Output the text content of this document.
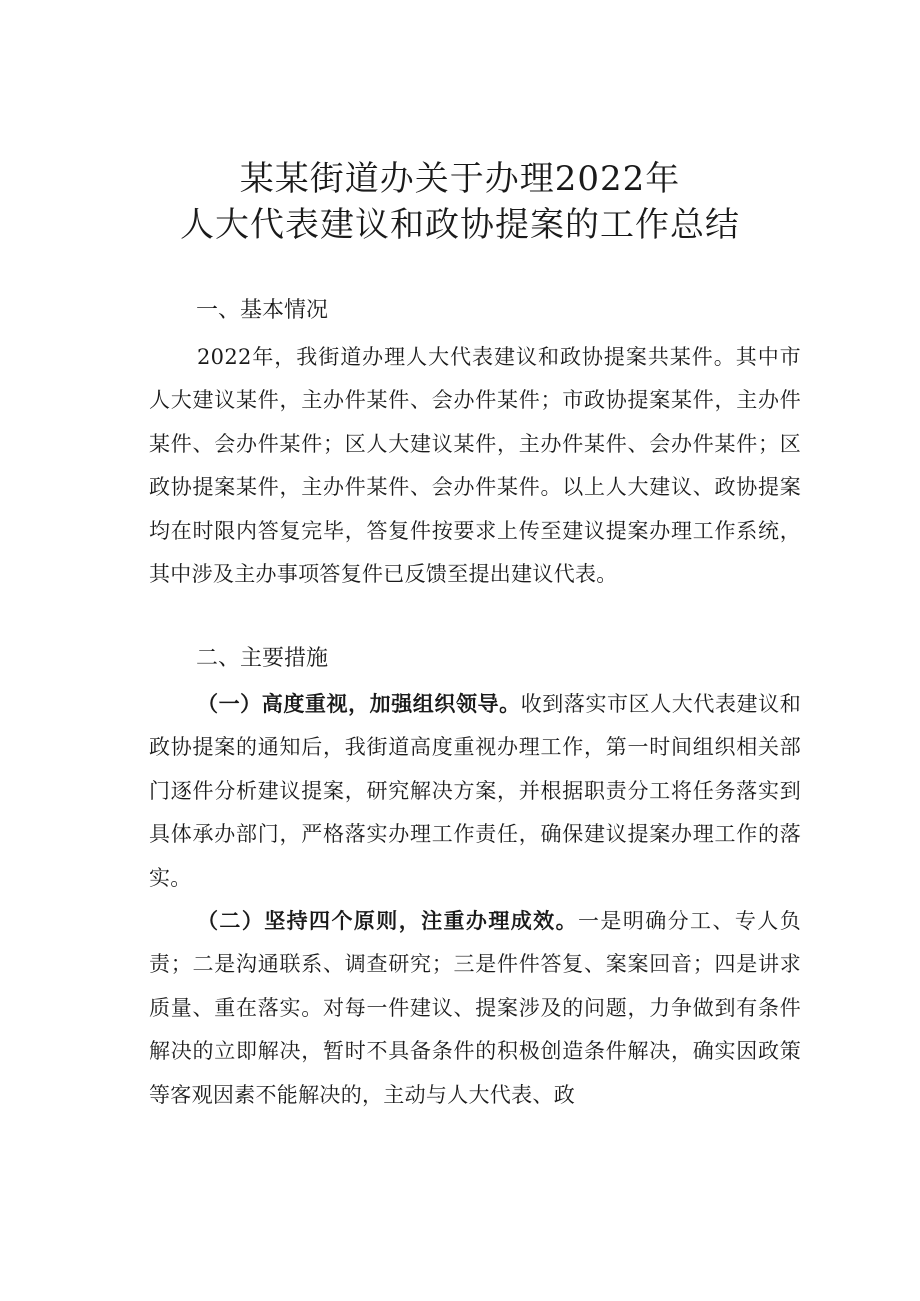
某某街道办关于办理2022年
人大代表建议和政协提案的工作总结
一、基本情况

2022年，我街道办理人大代表建议和政协提案共某件。其中市人大建议某件，主办件某件、会办件某件；市政协提案某件，主办件某件、会办件某件；区人大建议某件，主办件某件、会办件某件；区政协提案某件，主办件某件、会办件某件。以上人大建议、政协提案均在时限内答复完毕，答复件按要求上传至建议提案办理工作系统，其中涉及主办事项答复件已反馈至提出建议代表。

二、主要措施

（一）高度重视，加强组织领导。收到落实市区人大代表建议和政协提案的通知后，我街道高度重视办理工作，第一时间组织相关部门逐件分析建议提案，研究解决方案，并根据职责分工将任务落实到具体承办部门，严格落实办理工作责任，确保建议提案办理工作的落实。

（二）坚持四个原则，注重办理成效。一是明确分工、专人负责；二是沟通联系、调查研究；三是件件答复、案案回音；四是讲求质量、重在落实。对每一件建议、提案涉及的问题，力争做到有条件解决的立即解决，暂时不具备条件的积极创造条件解决，确实因政策等客观因素不能解决的，主动与人大代表、政
